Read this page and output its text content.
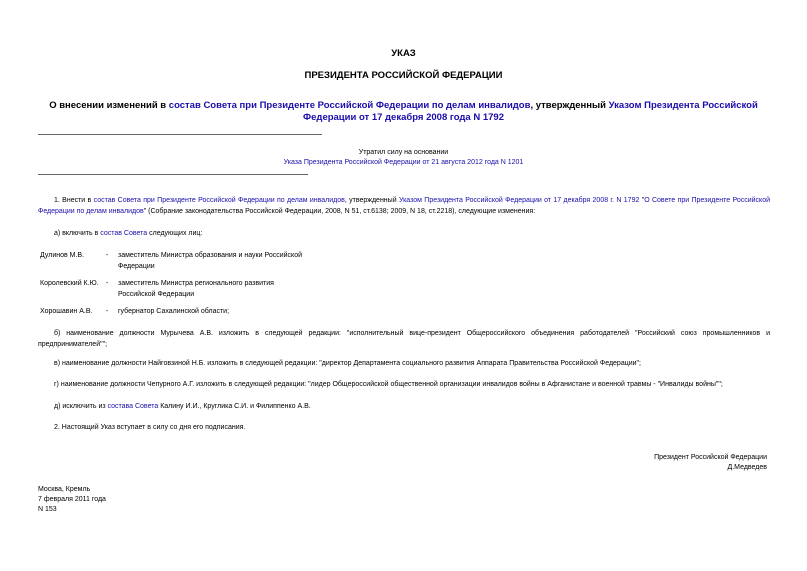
УКАЗ
ПРЕЗИДЕНТА РОССИЙСКОЙ ФЕДЕРАЦИИ
О внесении изменений в состав Совета при Президенте Российской Федерации по делам инвалидов, утвержденный Указом Президента Российской Федерации от 17 декабря 2008 года N 1792
Утратил силу на основании
Указа Президента Российской Федерации от 21 августа 2012 года N 1201
1. Внести в состав Совета при Президенте Российской Федерации по делам инвалидов, утвержденный Указом Президента Российской Федерации от 17 декабря 2008 г. N 1792 "О Совете при Президенте Российской Федерации по делам инвалидов" (Собрание законодательства Российской Федерации, 2008, N 51, ст.6138; 2009, N 18, ст.2218), следующие изменения:
а) включить в состав Совета следующих лиц:
Дулинов М.В.	- заместитель Министра образования и науки Российской Федерации
Королевский К.Ю. - заместитель Министра регионального развития Российской Федерации
Хорошавин А.В.	- губернатор Сахалинской области;
б) наименование должности Мурычева А.В. изложить в следующей редакции: "исполнительный вице-президент Общероссийского объединения работодателей "Российский союз промышленников и предпринимателей"";
в) наименование должности Найговзиной Н.Б. изложить в следующей редакции: "директор Департамента социального развития Аппарата Правительства Российской Федерации";
г) наименование должности Чепурного А.Г. изложить в следующей редакции: "лидер Общероссийской общественной организации инвалидов войны в Афганистане и военной травмы - "Инвалиды войны"";
д) исключить из состава Совета Калину И.И., Круглика С.И. и Филиппенко А.В.
2. Настоящий Указ вступает в силу со дня его подписания.
Президент Российской Федерации
Д.Медведев
Москва, Кремль
7 февраля 2011 года
N 153
